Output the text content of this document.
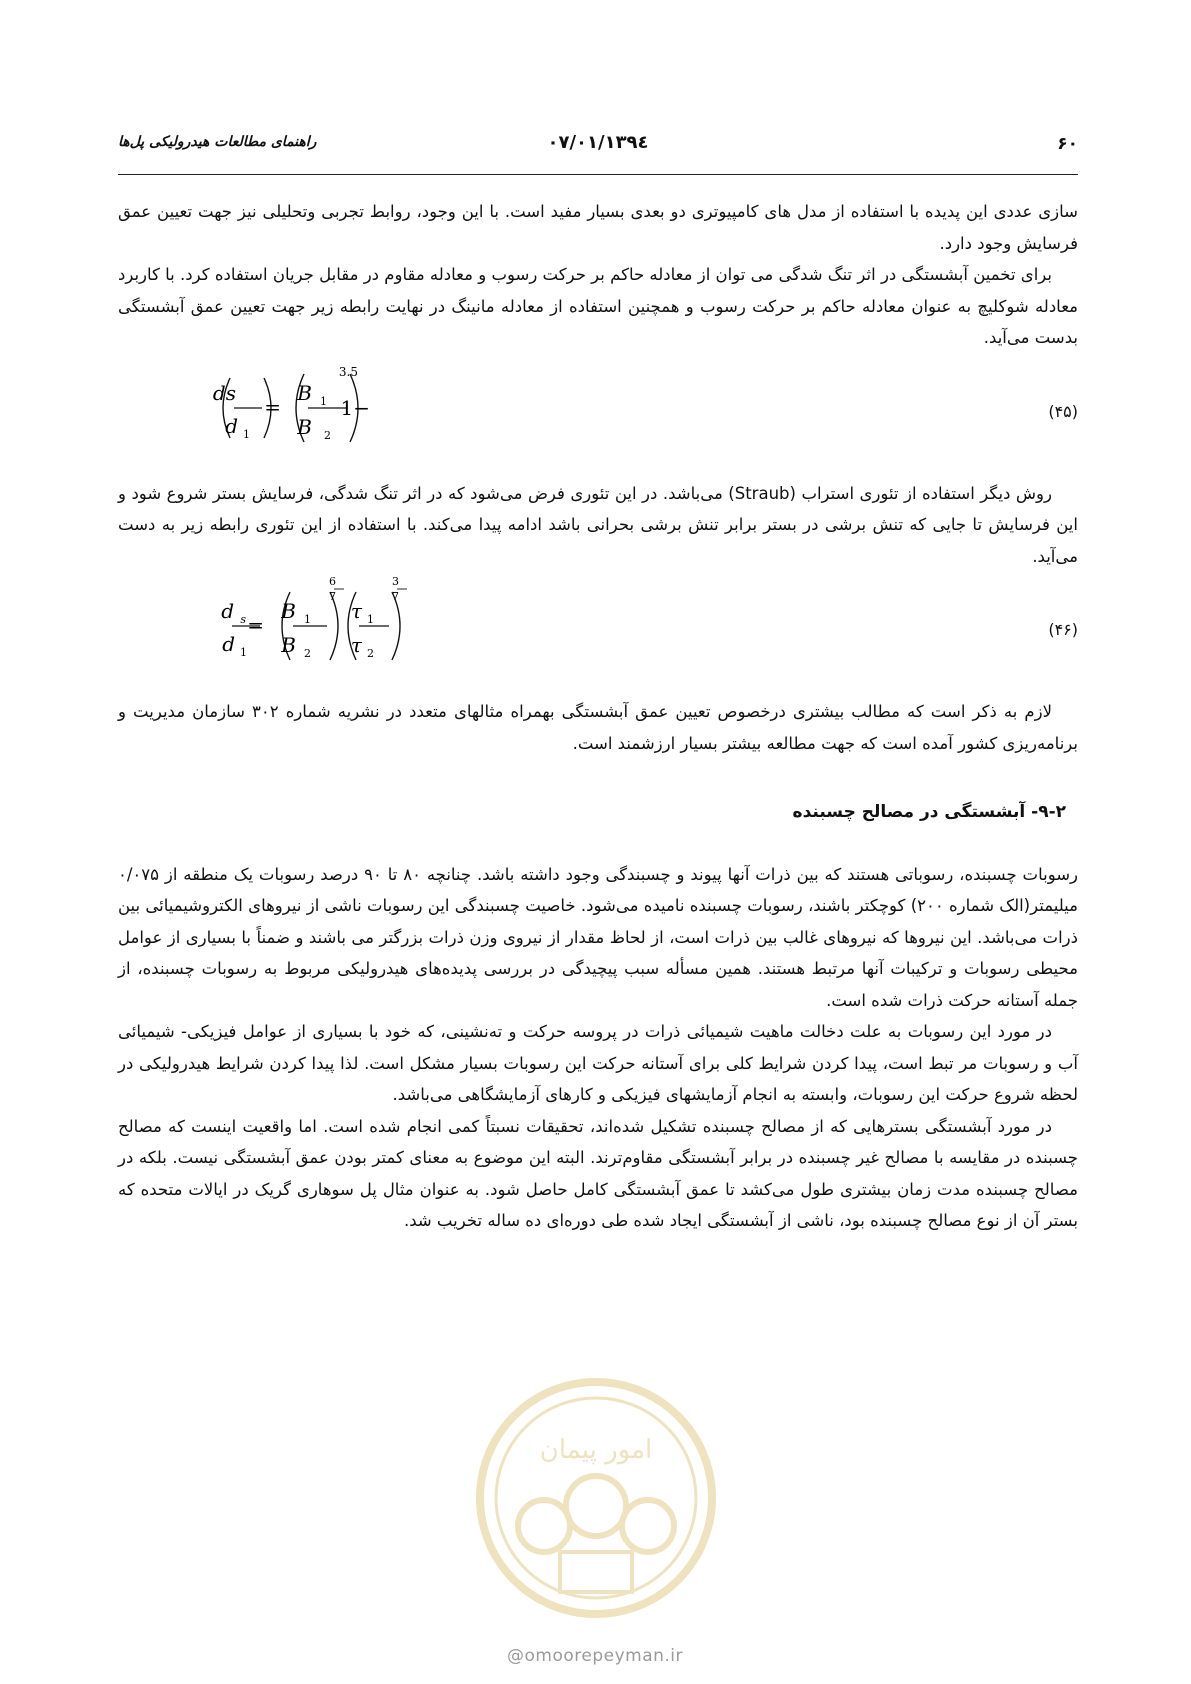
۶۰
۱۳۹٤/۰۷/۰۱
راهنمای مطالعات هیدرولیکی پل‌ها

سازی عددی این پدیده با استفاده از مدل های کامپیوتری دو بعدی بسیار مفید است. با این وجود، روابط تجربی وتحلیلی نیز جهت تعیین عمق فرسایش وجود دارد.

برای تخمین آبشستگی در اثر تنگ شدگی می توان از معادله حاکم بر حرکت رسوب و معادله مقاوم در مقابل جریان استفاده کرد. با کاربرد معادله شوکلیچ به عنوان معادله حاکم بر حرکت رسوب و همچنین استفاده از معادله مانینگ در نهایت رابطه زیر جهت تعیین عمق آبشستگی بدست می‌آید.

(۴۵)
ds
d 1
=
B 1
B 2
3.5
−1

روش دیگر استفاده از تئوری استراب (Straub) می‌باشد. در این تئوری فرض می‌شود که در اثر تنگ شدگی، فرسایش بستر شروع شود و این فرسایش تا جایی که تنش برشی در بستر برابر تنش برشی بحرانی باشد ادامه پیدا می‌کند. با استفاده از این تئوری رابطه زیر به دست می‌آید.

(۴۶)
d s
d 1
=
B 1
B 2
6
7
τ 1
τ 2
3
7

لازم به ذکر است که مطالب بیشتری درخصوص تعیین عمق آبشستگی بهمراه مثالهای متعدد در نشریه شماره ۳۰۲ سازمان مدیریت و برنامه‌ریزی کشور آمده است که جهت مطالعه بیشتر بسیار ارزشمند است.

۹-۲- آبشستگی در مصالح چسبنده

رسوبات چسبنده، رسوباتی هستند که بین ذرات آنها پیوند و چسبندگی وجود داشته باشد. چنانچه ۸۰ تا ۹۰ درصد رسوبات یک منطقه از ۰/۰۷۵ میلیمتر(الک شماره ۲۰۰) کوچکتر باشند، رسوبات چسبنده نامیده می‌شود. خاصیت چسبندگی این رسوبات ناشی از نیروهای الکتروشیمیائی بین ذرات می‌باشد. این نیروها که نیروهای غالب بین ذرات است، از لحاظ مقدار از نیروی وزن ذرات بزرگتر می باشند و ضمناً با بسیاری از عوامل محیطی رسوبات و ترکیبات آنها مرتبط هستند. همین مسأله سبب پیچیدگی در بررسی پدیده‌های هیدرولیکی مربوط به رسوبات چسبنده، از جمله آستانه حرکت ذرات شده است.

در مورد این رسوبات به علت دخالت ماهیت شیمیائی ذرات در پروسه حرکت و ته‌نشینی، که خود با بسیاری از عوامل فیزیکی- شیمیائی آب و رسوبات مر تبط است، پیدا کردن شرایط کلی برای آستانه حرکت این رسوبات بسیار مشکل است. لذا پیدا کردن شرایط هیدرولیکی در لحظه شروع حرکت این رسوبات، وابسته به انجام آزمایشهای فیزیکی و کارهای آزمایشگاهی می‌باشد.

در مورد آبشستگی بسترهایی که از مصالح چسبنده تشکیل شده‌اند، تحقیقات نسبتاً کمی انجام شده است. اما واقعیت اینست که مصالح چسبنده در مقایسه با مصالح غیر چسبنده در برابر آبشستگی مقاوم‌ترند. البته این موضوع به معنای کمتر بودن عمق آبشستگی نیست. بلکه در مصالح چسبنده مدت زمان بیشتری طول می‌کشد تا عمق آبشستگی کامل حاصل شود. به عنوان مثال پل سوهاری گریک در ایالات متحده که بستر آن از نوع مصالح چسبنده بود، ناشی از آبشستگی ایجاد شده طی دوره‌ای ده ساله تخریب شد.

امور پیمان
@omoorepeyman.ir
